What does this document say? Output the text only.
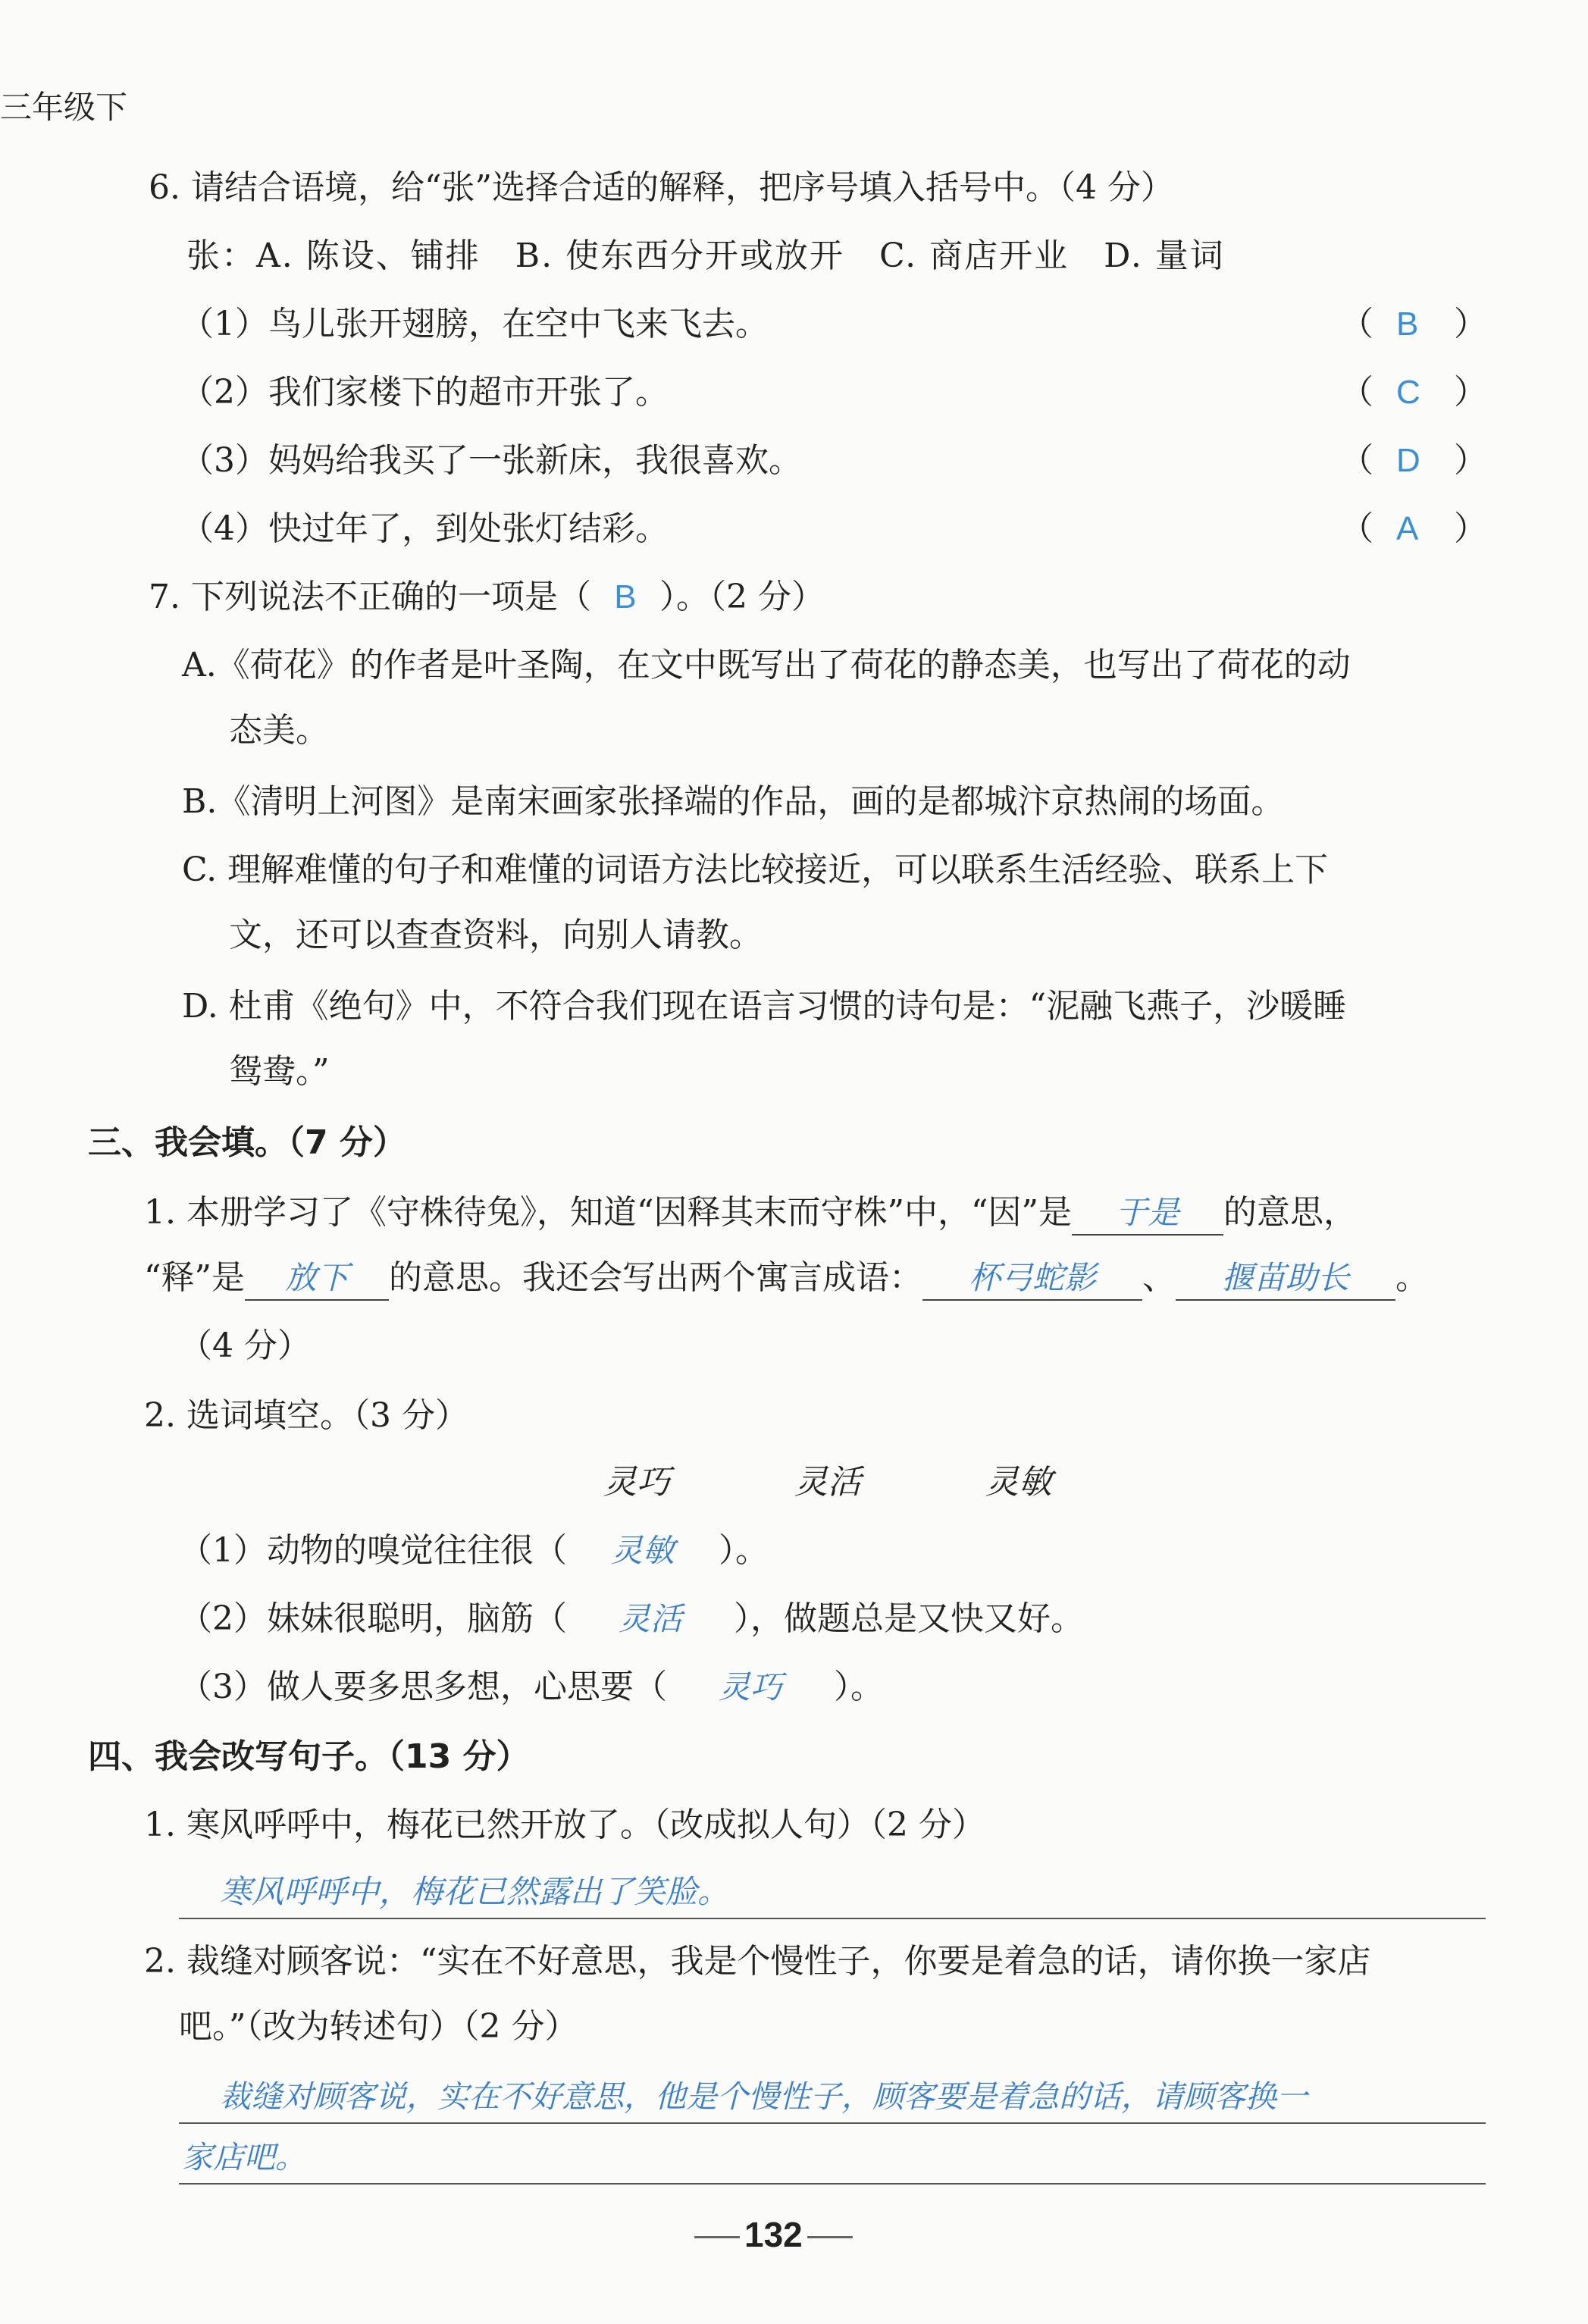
三年级下
6. 请结合语境，给“张”选择合适的解释，把序号填入括号中。（4 分）
张：A. 陈设、铺排　B. 使东西分开或放开　C. 商店开业　D. 量词
（1）鸟儿张开翅膀，在空中飞来飞去。	（ B ）
（2）我们家楼下的超市开张了。	（ C ）
（3）妈妈给我买了一张新床，我很喜欢。	（ D ）
（4）快过年了，到处张灯结彩。	（ A ）
7. 下列说法不正确的一项是（ B ）。（2 分）
A.《荷花》的作者是叶圣陶，在文中既写出了荷花的静态美，也写出了荷花的动
态美。
B.《清明上河图》是南宋画家张择端的作品，画的是都城汴京热闹的场面。
C. 理解难懂的句子和难懂的词语方法比较接近，可以联系生活经验、联系上下
文，还可以查查资料，向别人请教。
D. 杜甫《绝句》中，不符合我们现在语言习惯的诗句是：“泥融飞燕子，沙暖睡
鸳鸯。”
三、我会填。（7 分）
1. 本册学习了《守株待兔》，知道“因释其末而守株”中，“因”是 于是 的意思，
“释”是 放下 的意思。我还会写出两个寓言成语： 杯弓蛇影 、 揠苗助长 。
（4 分）
2. 选词填空。（3 分）
灵巧	灵活	灵敏
（1）动物的嗅觉往往很（ 灵敏 ）。
（2）妹妹很聪明，脑筋（ 灵活 ），做题总是又快又好。
（3）做人要多思多想，心思要（ 灵巧 ）。
四、我会改写句子。（13 分）
1. 寒风呼呼中，梅花已然开放了。（改成拟人句）（2 分）
寒风呼呼中，梅花已然露出了笑脸。
2. 裁缝对顾客说：“实在不好意思，我是个慢性子，你要是着急的话，请你换一家店
吧。”（改为转述句）（2 分）
裁缝对顾客说，实在不好意思，他是个慢性子，顾客要是着急的话，请顾客换一
家店吧。
132
